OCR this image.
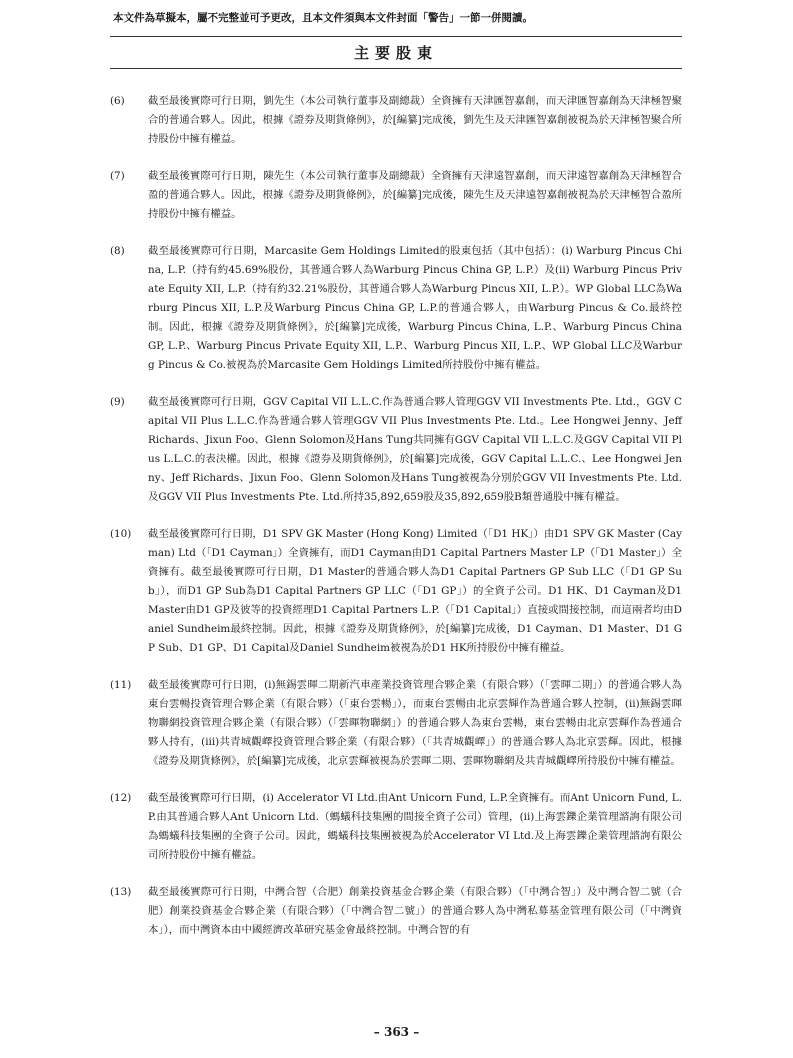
本文件為草擬本，屬不完整並可予更改，且本文件須與本文件封面「警告」一節一併閱讀。
主要股東
(6)	截至最後實際可行日期，劉先生（本公司執行董事及副總裁）全資擁有天津匯智嘉創，而天津匯智嘉創為天津極智聚合的普通合夥人。因此，根據《證券及期貨條例》，於[編纂]完成後，劉先生及天津匯智嘉創被視為於天津極智聚合所持股份中擁有權益。
(7)	截至最後實際可行日期，陳先生（本公司執行董事及副總裁）全資擁有天津遠智嘉創，而天津遠智嘉創為天津極智合盈的普通合夥人。因此，根據《證券及期貨條例》，於[編纂]完成後，陳先生及天津遠智嘉創被視為於天津極智合盈所持股份中擁有權益。
(8)	截至最後實際可行日期，Marcasite Gem Holdings Limited的股東包括（其中包括）：(i) Warburg Pincus China, L.P.（持有約45.69%股份，其普通合夥人為Warburg Pincus China GP, L.P.）及(ii) Warburg Pincus Private Equity XII, L.P.（持有約32.21%股份，其普通合夥人為Warburg Pincus XII, L.P.）。WP Global LLC為Warburg Pincus XII, L.P.及Warburg Pincus China GP, L.P.的普通合夥人，由Warburg Pincus & Co.最終控制。因此，根據《證券及期貨條例》，於[編纂]完成後，Warburg Pincus China, L.P.、Warburg Pincus China GP, L.P.、Warburg Pincus Private Equity XII, L.P.、Warburg Pincus XII, L.P.、WP Global LLC及Warburg Pincus & Co.被視為於Marcasite Gem Holdings Limited所持股份中擁有權益。
(9)	截至最後實際可行日期，GGV Capital VII L.L.C.作為普通合夥人管理GGV VII Investments Pte. Ltd.，GGV Capital VII Plus L.L.C.作為普通合夥人管理GGV VII Plus Investments Pte. Ltd.。Lee Hongwei Jenny、Jeff Richards、Jixun Foo、Glenn Solomon及Hans Tung共同擁有GGV Capital VII L.L.C.及GGV Capital VII Plus L.L.C.的表決權。因此，根據《證券及期貨條例》，於[編纂]完成後，GGV Capital L.L.C.、Lee Hongwei Jenny、Jeff Richards、Jixun Foo、Glenn Solomon及Hans Tung被視為分別於GGV VII Investments Pte. Ltd.及GGV VII Plus Investments Pte. Ltd.所持35,892,659股及35,892,659股B類普通股中擁有權益。
(10)	截至最後實際可行日期，D1 SPV GK Master (Hong Kong) Limited（「D1 HK」）由D1 SPV GK Master (Cayman) Ltd（「D1 Cayman」）全資擁有，而D1 Cayman由D1 Capital Partners Master LP（「D1 Master」）全資擁有。截至最後實際可行日期，D1 Master的普通合夥人為D1 Capital Partners GP Sub LLC（「D1 GP Sub」），而D1 GP Sub為D1 Capital Partners GP LLC（「D1 GP」）的全資子公司。D1 HK、D1 Cayman及D1 Master由D1 GP及彼等的投資經理D1 Capital Partners L.P.（「D1 Capital」）直接或間接控制，而這兩者均由Daniel Sundheim最終控制。因此，根據《證券及期貨條例》，於[編纂]完成後，D1 Cayman、D1 Master、D1 GP Sub、D1 GP、D1 Capital及Daniel Sundheim被視為於D1 HK所持股份中擁有權益。
(11)	截至最後實際可行日期，(i)無錫雲暉二期新汽車產業投資管理合夥企業（有限合夥）（「雲暉二期」）的普通合夥人為東台雲暢投資管理合夥企業（有限合夥）（「東台雲暢」），而東台雲暢由北京雲輝作為普通合夥人控制，(ii)無錫雲暉物聯網投資管理合夥企業（有限合夥）（「雲暉物聯網」）的普通合夥人為東台雲暢，東台雲暢由北京雲輝作為普通合夥人持有，(iii)共青城觀嶧投資管理合夥企業（有限合夥）（「共青城觀嶧」）的普通合夥人為北京雲輝。因此，根據《證券及期貨條例》，於[編纂]完成後，北京雲輝被視為於雲暉二期、雲暉物聯網及共青城觀嶧所持股份中擁有權益。
(12)	截至最後實際可行日期，(i) Accelerator VI Ltd.由Ant Unicorn Fund, L.P.全資擁有。而Ant Unicorn Fund, L.P.由其普通合夥人Ant Unicorn Ltd.（螞蟻科技集團的間接全資子公司）管理，(ii)上海雲鑠企業管理諮詢有限公司為螞蟻科技集團的全資子公司。因此，螞蟻科技集團被視為於Accelerator VI Ltd.及上海雲鑠企業管理諮詢有限公司所持股份中擁有權益。
(13)	截至最後實際可行日期，中灣合智（合肥）創業投資基金合夥企業（有限合夥）（「中灣合智」）及中灣合智二號（合肥）創業投資基金合夥企業（有限合夥）（「中灣合智二號」）的普通合夥人為中灣私募基金管理有限公司（「中灣資本」），而中灣資本由中國經濟改革研究基金會最終控制。中灣合智的有
– 363 –
